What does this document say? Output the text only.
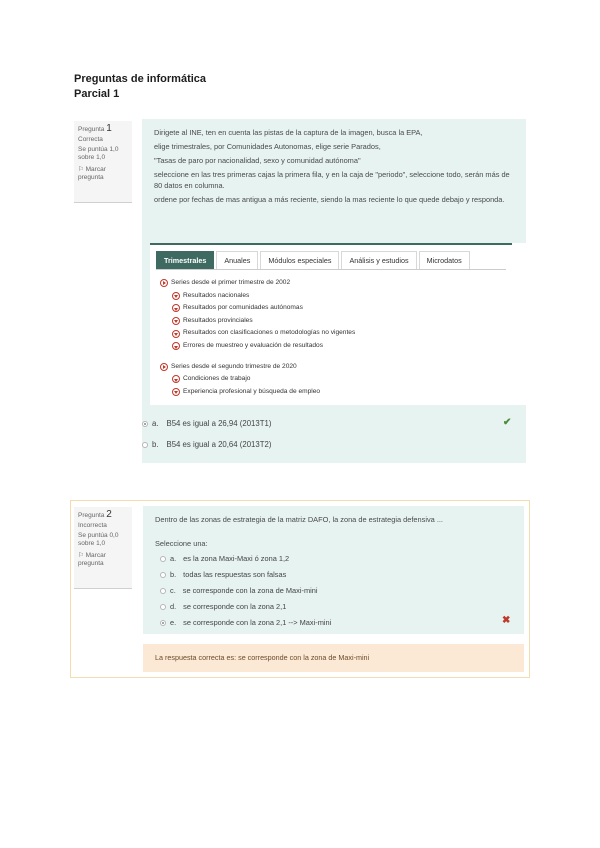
Preguntas de informática
Parcial 1
Pregunta 1
Correcta
Se puntúa 1,0
sobre 1,0
⚐ Marcar pregunta

Dirigete al INE, ten en cuenta las pistas de la captura de la imagen, busca la EPA,

elige trimestrales, por Comunidades Autonomas, elige serie Parados,

"Tasas de paro por nacionalidad, sexo y comunidad autónoma"

seleccione en las tres primeras cajas la primera fila, y en la caja de "periodo", seleccione todo, serán más de 80 datos en columna.

ordene por fechas de mas antigua a más reciente, siendo la mas reciente lo que quede debajo y responda.

Trimestrales	Anuales	Módulos especiales	Análisis y estudios	Microdatos
Series desde el primer trimestre de 2002
Resultados nacionales
Resultados por comunidades autónomas
Resultados provinciales
Resultados con clasificaciones o metodologías no vigentes
Errores de muestreo y evaluación de resultados
Series desde el segundo trimestre de 2020
Condiciones de trabajo
Experiencia profesional y búsqueda de empleo
a. B54 es igual a 26,94 (2013T1)	✔
b. B54 es igual a 20,64 (2013T2)
Pregunta 2
Incorrecta
Se puntúa 0,0
sobre 1,0
⚐ Marcar pregunta
Dentro de las zonas de estrategia de la matriz DAFO, la zona de estrategia defensiva ...
Seleccione una:
a. es la zona Maxi-Maxi ó zona 1,2
b. todas las respuestas son falsas
c. se corresponde con la zona de Maxi-mini
d. se corresponde con la zona 2,1
e. se corresponde con la zona 2,1 --> Maxi-mini	✖
La respuesta correcta es: se corresponde con la zona de Maxi-mini
